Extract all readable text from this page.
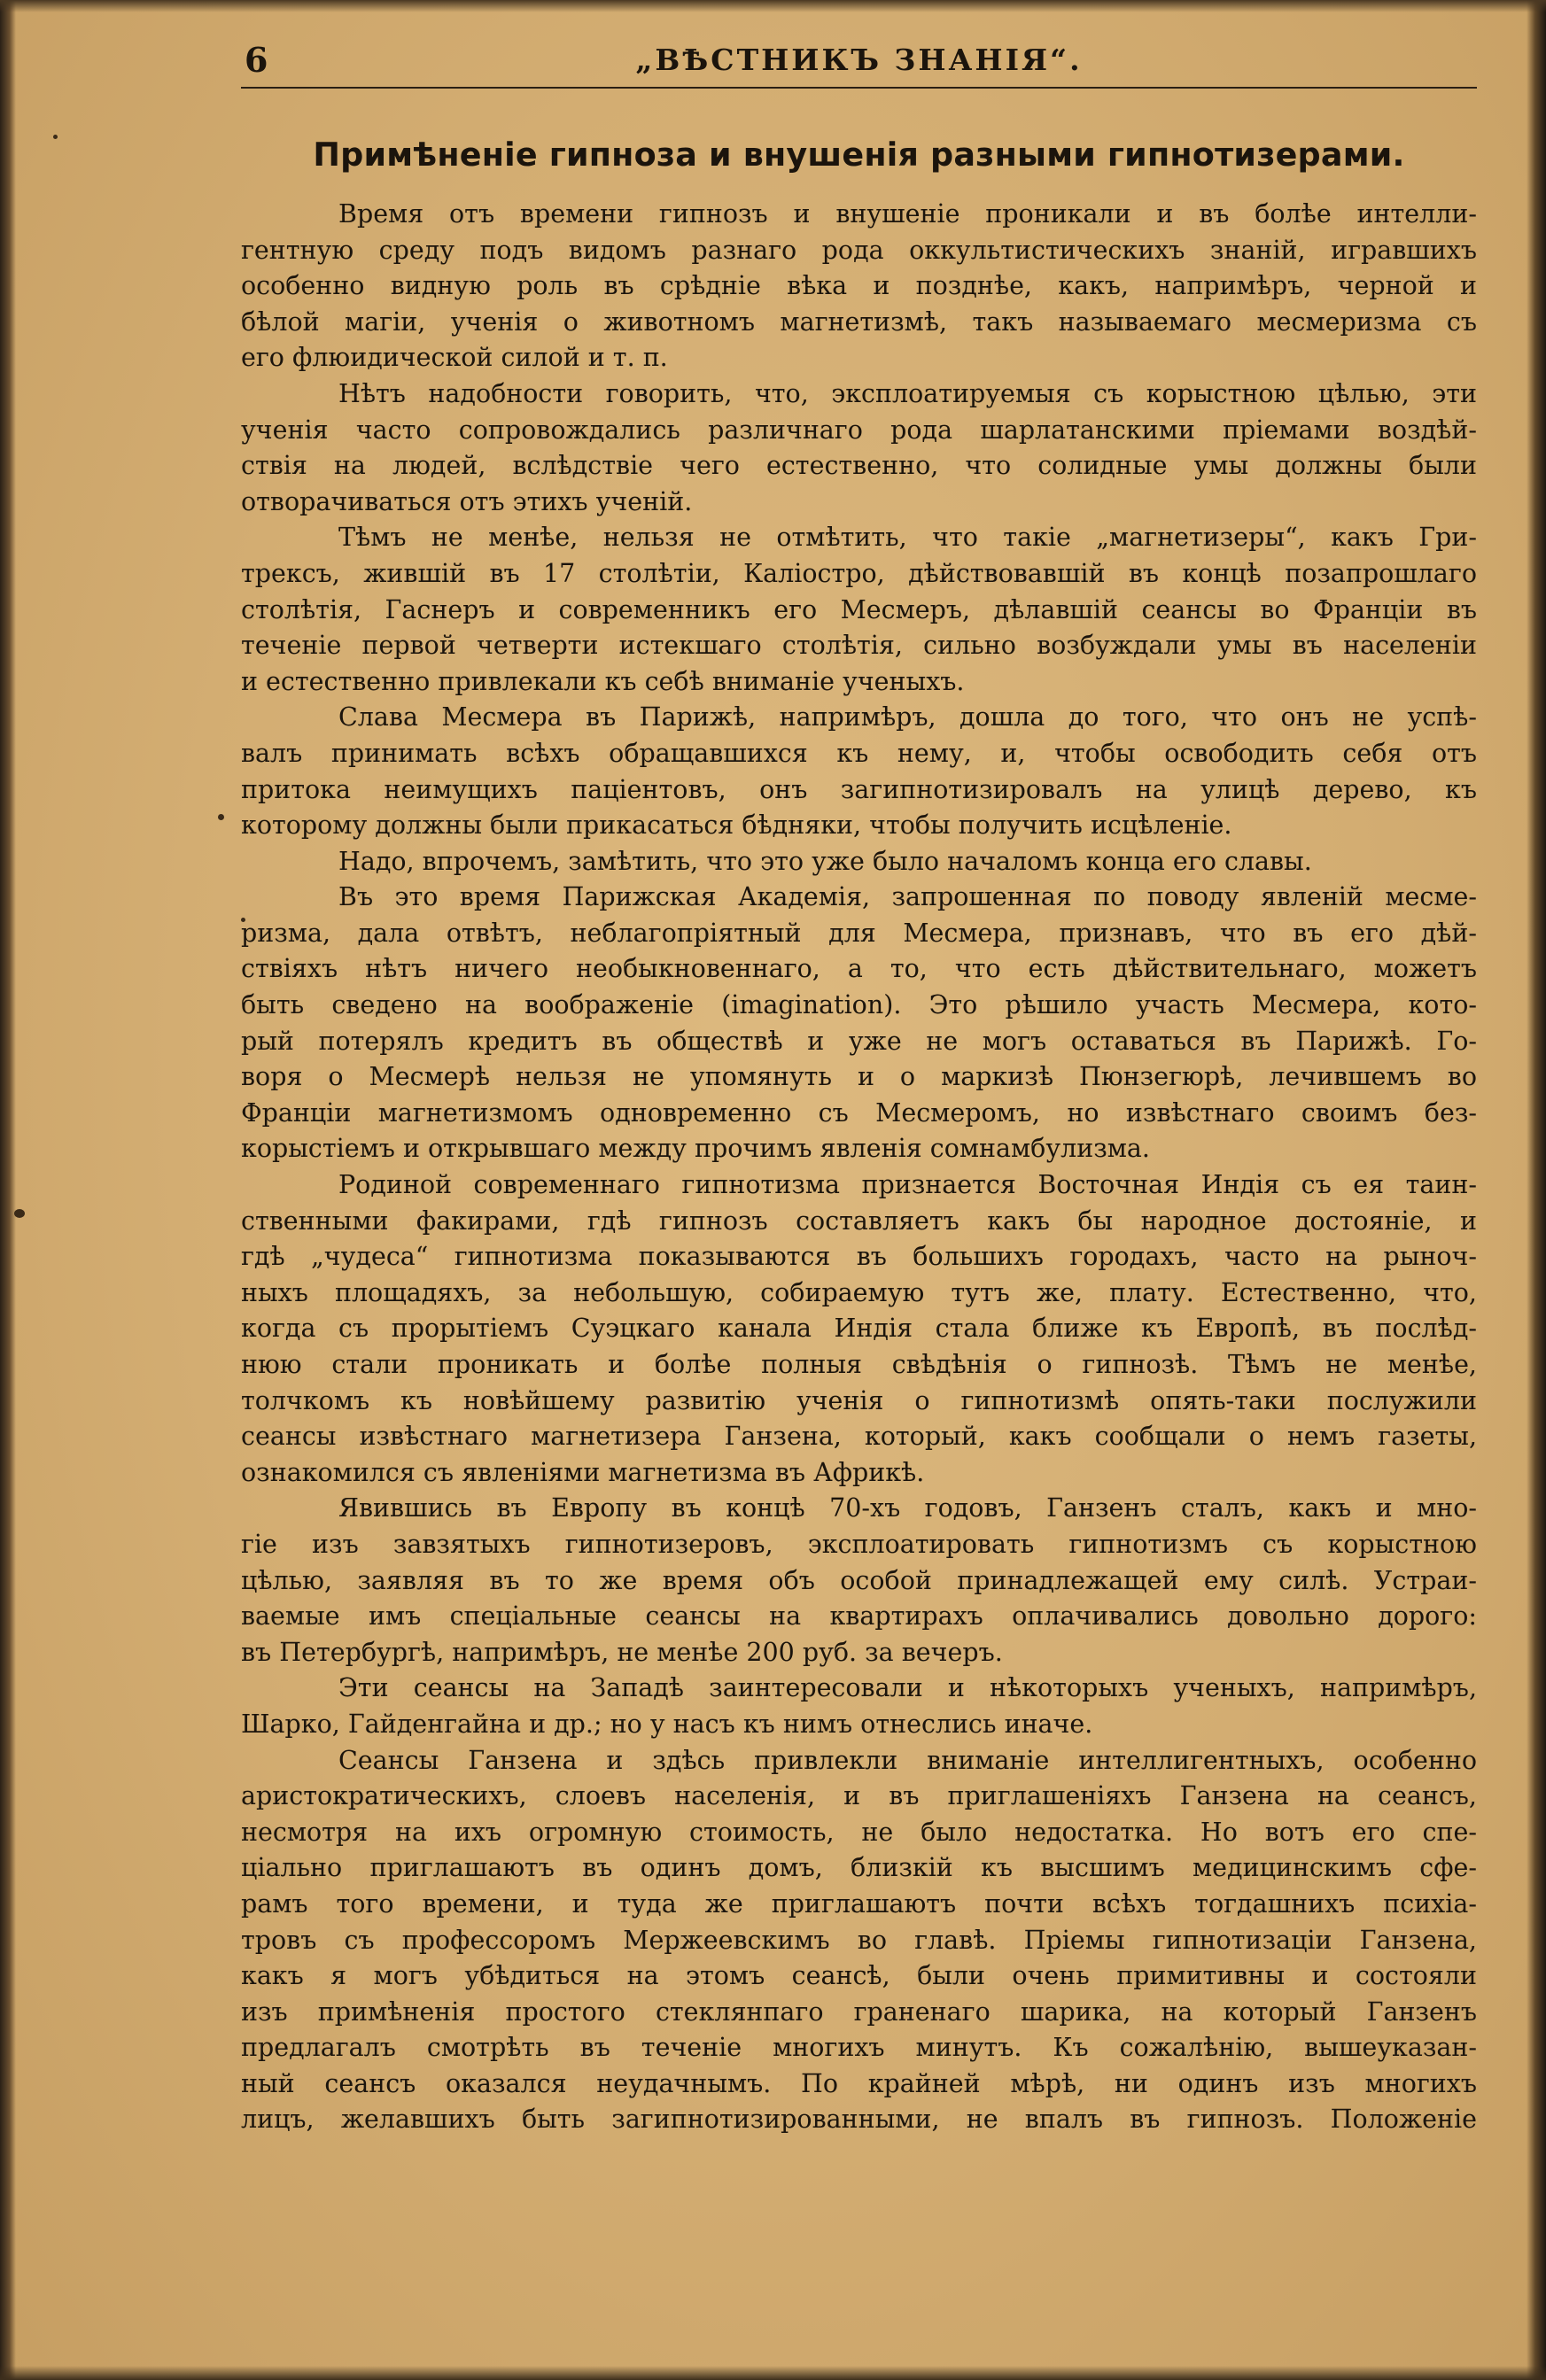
6	„ВѢСТНИКЪ ЗНАНІЯ“.
Примѣненіе гипноза и внушенія разными гипнотизерами.
Время отъ времени гипнозъ и внушеніе проникали и въ болѣе интелли-
гентную среду подъ видомъ разнаго рода оккультистическихъ знаній, игравшихъ
особенно видную роль въ срѣдніе вѣка и позднѣе, какъ, напримѣръ, черной и
бѣлой магіи, ученія о животномъ магнетизмѣ, такъ называемаго месмеризма съ
его флюидической силой и т. п.
Нѣтъ надобности говорить, что, эксплоатируемыя съ корыстною цѣлью, эти
ученія часто сопровождались различнаго рода шарлатанскими пріемами воздѣй-
ствія на людей, вслѣдствіе чего естественно, что солидные умы должны были
отворачиваться отъ этихъ ученій.
Тѣмъ не менѣе, нельзя не отмѣтить, что такіе „магнетизеры“, какъ Гри-
трексъ, жившій въ 17 столѣтіи, Каліостро, дѣйствовавшій въ концѣ позапрошлаго
столѣтія, Гаснеръ и современникъ его Месмеръ, дѣлавшій сеансы во Франціи въ
теченіе первой четверти истекшаго столѣтія, сильно возбуждали умы въ населеніи
и естественно привлекали къ себѣ вниманіе ученыхъ.
Слава Месмера въ Парижѣ, напримѣръ, дошла до того, что онъ не успѣ-
валъ принимать всѣхъ обращавшихся къ нему, и, чтобы освободить себя отъ
притока неимущихъ паціентовъ, онъ загипнотизировалъ на улицѣ дерево, къ
которому должны были прикасаться бѣдняки, чтобы получить исцѣленіе.
Надо, впрочемъ, замѣтить, что это уже было началомъ конца его славы.
Въ это время Парижская Академія, запрошенная по поводу явленій месме-
ризма, дала отвѣтъ, неблагопріятный для Месмера, признавъ, что въ его дѣй-
ствіяхъ нѣтъ ничего необыкновеннаго, а то, что есть дѣйствительнаго, можетъ
быть сведено на воображеніе (imagination). Это рѣшило участь Месмера, кото-
рый потерялъ кредитъ въ обществѣ и уже не могъ оставаться въ Парижѣ. Го-
воря о Месмерѣ нельзя не упомянуть и о маркизѣ Пюнзегюрѣ, лечившемъ во
Франціи магнетизмомъ одновременно съ Месмеромъ, но извѣстнаго своимъ без-
корыстіемъ и открывшаго между прочимъ явленія сомнамбулизма.
Родиной современнаго гипнотизма признается Восточная Индія съ ея таин-
ственными факирами, гдѣ гипнозъ составляетъ какъ бы народное достояніе, и
гдѣ „чудеса“ гипнотизма показываются въ большихъ городахъ, часто на рыноч-
ныхъ площадяхъ, за небольшую, собираемую тутъ же, плату. Естественно, что,
когда съ прорытіемъ Суэцкаго канала Индія стала ближе къ Европѣ, въ послѣд-
нюю стали проникать и болѣе полныя свѣдѣнія о гипнозѣ. Тѣмъ не менѣе,
толчкомъ къ новѣйшему развитію ученія о гипнотизмѣ опять-таки послужили
сеансы извѣстнаго магнетизера Ганзена, который, какъ сообщали о немъ газеты,
ознакомился съ явленіями магнетизма въ Африкѣ.
Явившись въ Европу въ концѣ 70-хъ годовъ, Ганзенъ сталъ, какъ и мно-
гіе изъ завзятыхъ гипнотизеровъ, эксплоатировать гипнотизмъ съ корыстною
цѣлью, заявляя въ то же время объ особой принадлежащей ему силѣ. Устраи-
ваемые имъ спеціальные сеансы на квартирахъ оплачивались довольно дорого:
въ Петербургѣ, напримѣръ, не менѣе 200 руб. за вечеръ.
Эти сеансы на Западѣ заинтересовали и нѣкоторыхъ ученыхъ, напримѣръ,
Шарко, Гайденгайна и др.; но у насъ къ нимъ отнеслись иначе.
Сеансы Ганзена и здѣсь привлекли вниманіе интеллигентныхъ, особенно
аристократическихъ, слоевъ населенія, и въ приглашеніяхъ Ганзена на сеансъ,
несмотря на ихъ огромную стоимость, не было недостатка. Но вотъ его спе-
ціально приглашаютъ въ одинъ домъ, близкій къ высшимъ медицинскимъ сфе-
рамъ того времени, и туда же приглашаютъ почти всѣхъ тогдашнихъ психіа-
тровъ съ профессоромъ Мержеевскимъ во главѣ. Пріемы гипнотизаціи Ганзена,
какъ я могъ убѣдиться на этомъ сеансѣ, были очень примитивны и состояли
изъ примѣненія простого стеклянпаго граненаго шарика, на который Ганзенъ
предлагалъ смотрѣть въ теченіе многихъ минутъ. Къ сожалѣнію, вышеуказан-
ный сеансъ оказался неудачнымъ. По крайней мѣрѣ, ни одинъ изъ многихъ
лицъ, желавшихъ быть загипнотизированными, не впалъ въ гипнозъ. Положеніе
